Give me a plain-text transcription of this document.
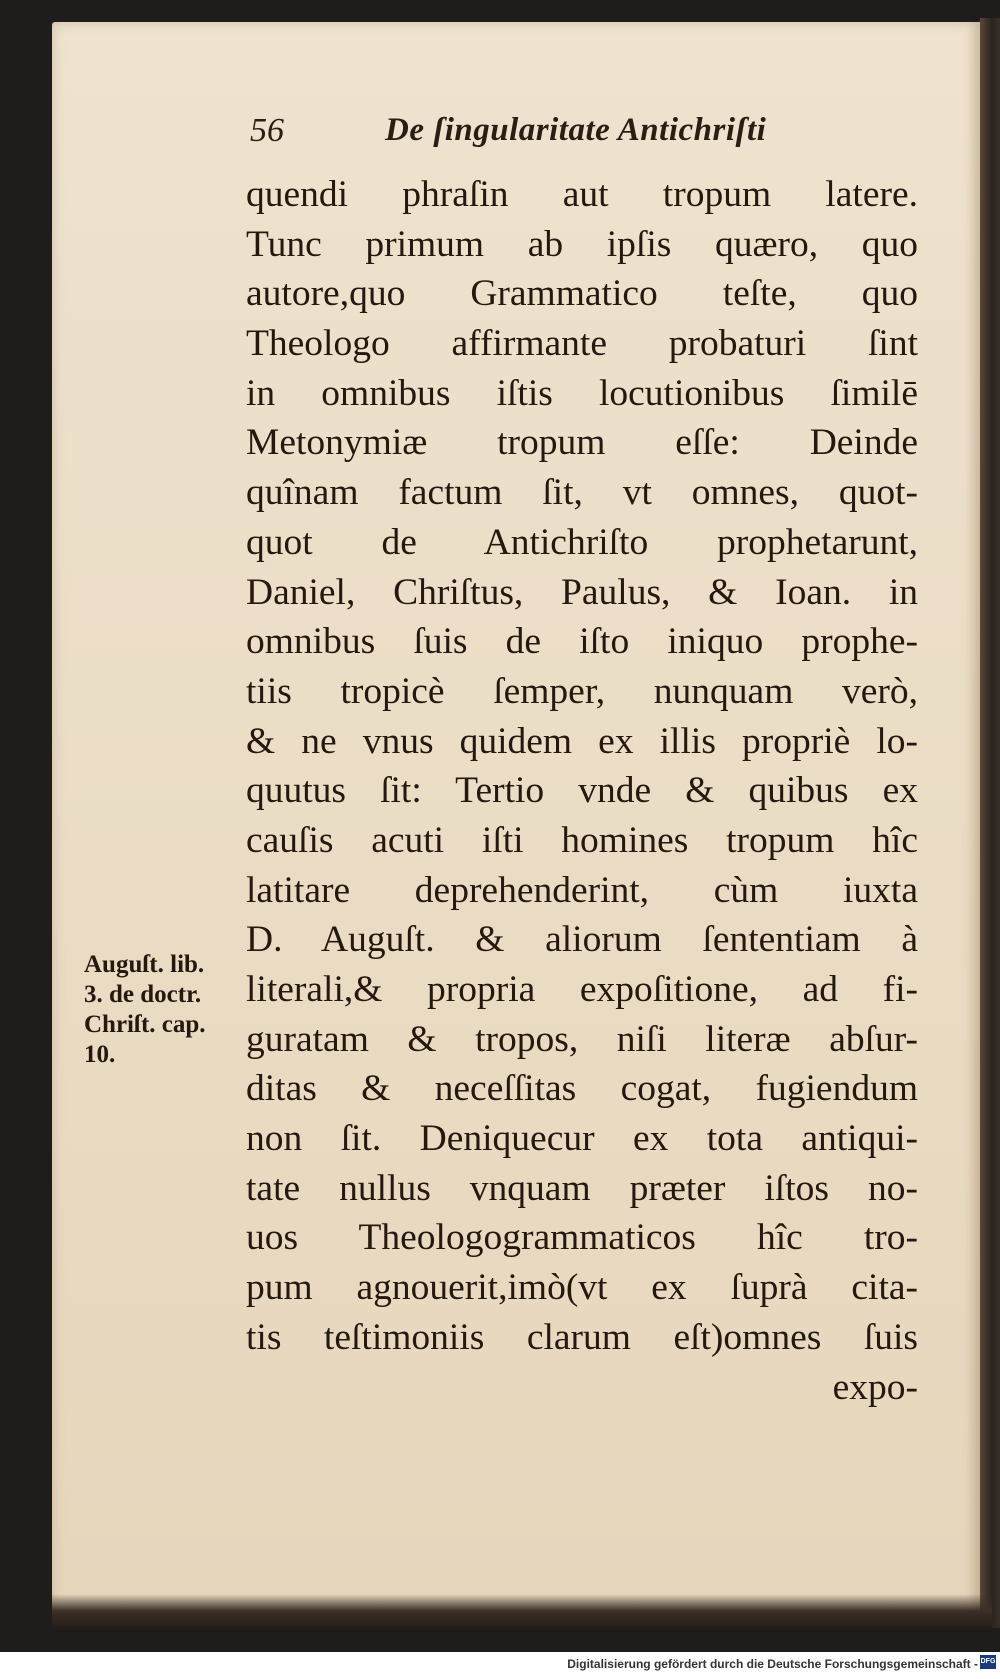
56	De ſingularitate Antichriſti
quendi phraſin aut tropum latere.
Tunc primum ab ipſis quæro, quo
autore,quo Grammatico teſte, quo
Theologo affirmante probaturi ſint
in omnibus iſtis locutionibus ſimilē
Metonymiæ tropum eſſe: Deinde
quînam factum ſit, vt omnes, quot-
quot de Antichriſto prophetarunt,
Daniel, Chriſtus, Paulus, & Ioan. in
omnibus ſuis de iſto iniquo prophe-
tiis tropicè ſemper, nunquam verò,
& ne vnus quidem ex illis propriè lo-
quutus ſit: Tertio vnde & quibus ex
cauſis acuti iſti homines tropum hîc
latitare deprehenderint, cùm iuxta
D. Auguſt. & aliorum ſententiam à
literali,& propria expoſitione, ad fi-
guratam & tropos, niſi literæ abſur-
ditas & neceſſitas cogat, fugiendum
non ſit. Deniquecur ex tota antiqui-
tate nullus vnquam præter iſtos no-
uos Theologogrammaticos hîc tro-
pum agnouerit,imò(vt ex ſuprà cita-
tis teſtimoniis clarum eſt)omnes ſuis
expo-
Auguſt. lib.
3. de doctr.
Chriſt. cap.
10.
Digitalisierung gefördert durch die Deutsche Forschungsgemeinschaft - DFG
